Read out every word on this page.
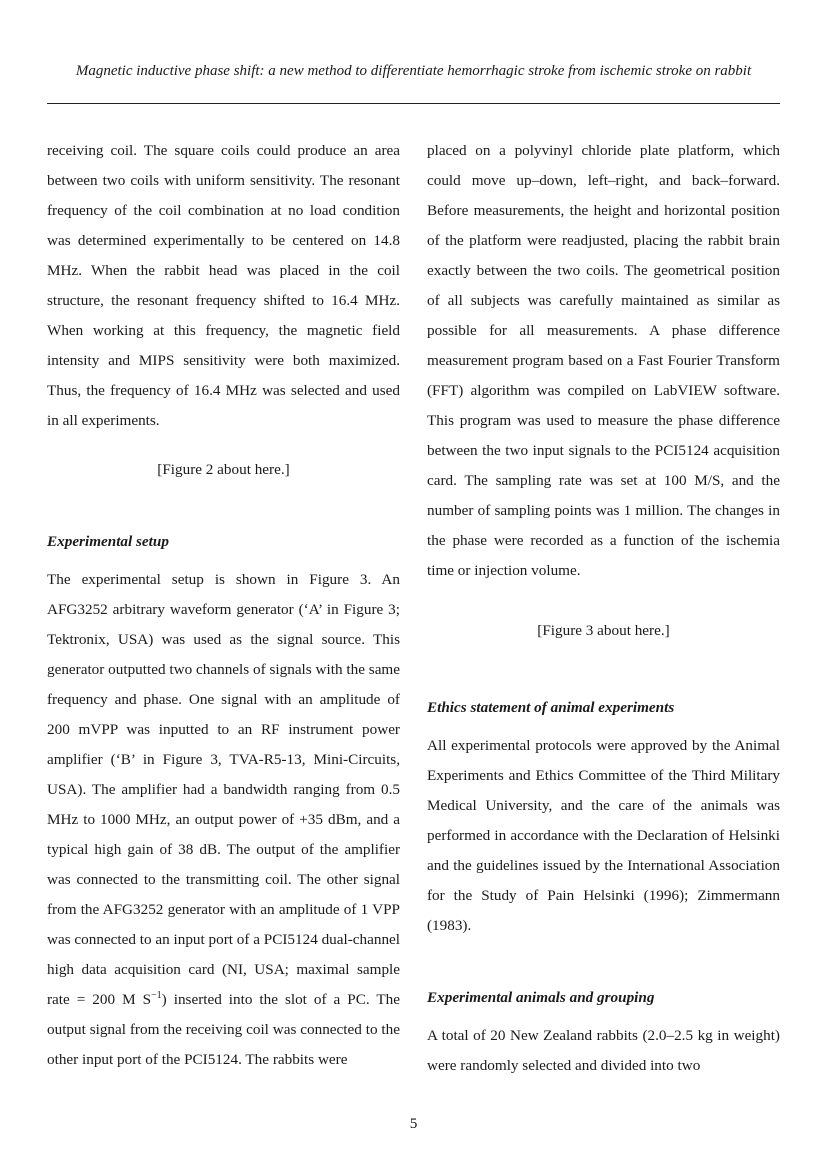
Magnetic inductive phase shift: a new method to differentiate hemorrhagic stroke from ischemic stroke on rabbit

receiving coil. The square coils could produce an area between two coils with uniform sensitivity. The resonant frequency of the coil combination at no load condition was determined experimentally to be centered on 14.8 MHz. When the rabbit head was placed in the coil structure, the resonant frequency shifted to 16.4 MHz. When working at this frequency, the magnetic field intensity and MIPS sensitivity were both maximized. Thus, the frequency of 16.4 MHz was selected and used in all experiments.

[Figure 2 about here.]

Experimental setup

The experimental setup is shown in Figure 3. An AFG3252 arbitrary waveform generator (‘A’ in Figure 3; Tektronix, USA) was used as the signal source. This generator outputted two channels of signals with the same frequency and phase. One signal with an amplitude of 200 mVPP was inputted to an RF instrument power amplifier (‘B’ in Figure 3, TVA-R5-13, Mini-Circuits, USA). The amplifier had a bandwidth ranging from 0.5 MHz to 1000 MHz, an output power of +35 dBm, and a typical high gain of 38 dB. The output of the amplifier was connected to the transmitting coil. The other signal from the AFG3252 generator with an amplitude of 1 VPP was connected to an input port of a PCI5124 dual-channel high data acquisition card (NI, USA; maximal sample rate = 200 M $S^{-1}$) inserted into the slot of a PC. The output signal from the receiving coil was connected to the other input port of the PCI5124. The rabbits were

placed on a polyvinyl chloride plate platform, which could move up–down, left–right, and back–forward. Before measurements, the height and horizontal position of the platform were readjusted, placing the rabbit brain exactly between the two coils. The geometrical position of all subjects was carefully maintained as similar as possible for all measurements. A phase difference measurement program based on a Fast Fourier Transform (FFT) algorithm was compiled on LabVIEW software. This program was used to measure the phase difference between the two input signals to the PCI5124 acquisition card. The sampling rate was set at 100 M/S, and the number of sampling points was 1 million. The changes in the phase were recorded as a function of the ischemia time or injection volume.

[Figure 3 about here.]

Ethics statement of animal experiments

All experimental protocols were approved by the Animal Experiments and Ethics Committee of the Third Military Medical University, and the care of the animals was performed in accordance with the Declaration of Helsinki and the guidelines issued by the International Association for the Study of Pain Helsinki (1996); Zimmermann (1983).

Experimental animals and grouping

A total of 20 New Zealand rabbits (2.0–2.5 kg in weight) were randomly selected and divided into two

5
